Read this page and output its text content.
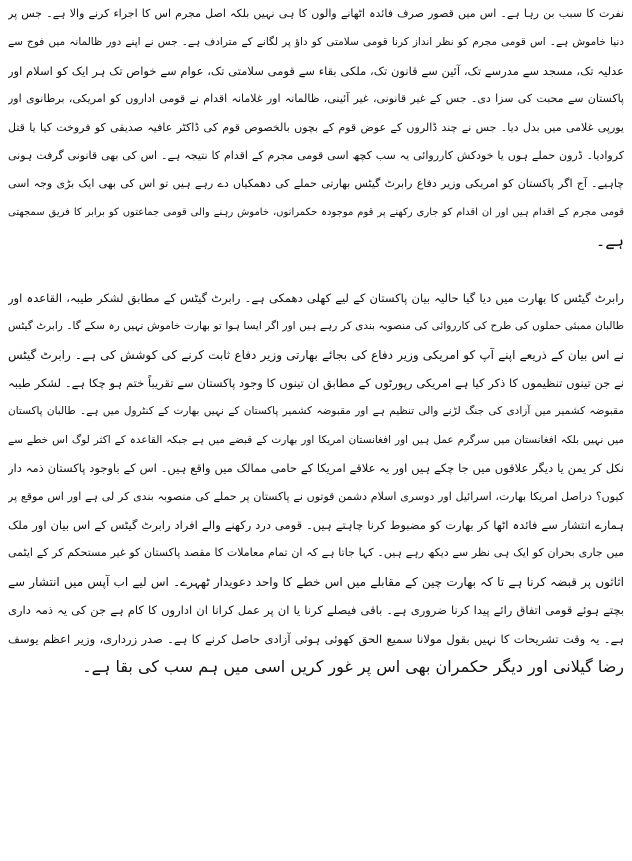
نفرت کا سبب بن رہا ہے۔ اس میں قصور صرف فائدہ اٹھانے والوں کا ہی نہیں بلکہ اصل مجرم اس کا اجراء کرنے والا ہے۔ جس پر
دنیا خاموش ہے۔ اس قومی مجرم کو نظر انداز کرنا قومی سلامتی کو داؤ پر لگانے کے مترادف ہے۔ جس نے اپنے دور ظالمانہ میں فوج سے
عدلیہ تک، مسجد سے مدرسے تک، آئین سے قانون تک، ملکی بقاء سے قومی سلامتی تک، عوام سے خواص تک ہر ایک کو اسلام اور
پاکستان سے محبت کی سزا دی۔ جس کے غیر قانونی، غیر آئینی، ظالمانہ اور غلامانہ اقدام نے قومی اداروں کو امریکی، برطانوی اور
یورپی غلامی میں بدل دیا۔ جس نے چند ڈالروں کے عوض قوم کے بچوں بالخصوص قوم کی ڈاکٹر عافیہ صدیقی کو فروخت کیا یا قتل
کروادیا۔ ڈرون حملے ہوں یا خودکش کارروائی یہ سب کچھ اسی قومی مجرم کے اقدام کا نتیجہ ہے۔ اس کی بھی قانونی گرفت ہونی
چاہیے۔ آج اگر پاکستان کو امریکی وزیر دفاع رابرٹ گیٹس بھارتی حملے کی دھمکیاں دے رہے ہیں تو اس کی بھی ایک بڑی وجہ اسی
قومی مجرم کے اقدام ہیں اور ان اقدام کو جاری رکھنے پر قوم موجودہ حکمرانوں، خاموش رہنے والی قومی جماعتوں کو برابر کا فریق سمجھتی
ہے۔
رابرٹ گیٹس کا بھارت میں دیا گیا حالیہ بیان پاکستان کے لیے کھلی دھمکی ہے۔ رابرٹ گیٹس کے مطابق لشکر طیبہ، القاعدہ اور
طالبان ممبئی حملوں کی طرح کی کارروائی کی منصوبہ بندی کر رہے ہیں اور اگر ایسا ہوا تو بھارت خاموش نہیں رہ سکے گا۔ رابرٹ گیٹس
نے اس بیان کے ذریعے اپنے آپ کو امریکی وزیر دفاع کی بجائے بھارتی وزیر دفاع ثابت کرنے کی کوشش کی ہے۔ رابرٹ گیٹس
نے جن تینوں تنظیموں کا ذکر کیا ہے امریکی رپورٹوں کے مطابق ان تینوں کا وجود پاکستان سے تقریباً ختم ہو چکا ہے۔ لشکر طیبہ
مقبوضہ کشمیر میں آزادی کی جنگ لڑنے والی تنظیم ہے اور مقبوضہ کشمیر پاکستان کے نہیں بھارت کے کنٹرول میں ہے۔ طالبان پاکستان
میں نہیں بلکہ افغانستان میں سرگرم عمل ہیں اور افغانستان امریکا اور بھارت کے قبضے میں ہے جبکہ القاعدہ کے اکثر لوگ اس خطے سے
نکل کر یمن یا دیگر علاقوں میں جا چکے ہیں اور یہ علاقے امریکا کے حامی ممالک میں واقع ہیں۔ اس کے باوجود پاکستان ذمہ دار
کیوں؟ دراصل امریکا بھارت، اسرائیل اور دوسری اسلام دشمن قوتوں نے پاکستان پر حملے کی منصوبہ بندی کر لی ہے اور اس موقع پر
ہمارے انتشار سے فائدہ اٹھا کر بھارت کو مضبوط کرنا چاہتے ہیں۔ قومی درد رکھنے والے افراد رابرٹ گیٹس کے اس بیان اور ملک
میں جاری بحران کو ایک ہی نظر سے دیکھ رہے ہیں۔ کہا جاتا ہے کہ ان تمام معاملات کا مقصد پاکستان کو غیر مستحکم کر کے ایٹمی
اثاثوں پر قبضہ کرنا ہے تا کہ بھارت چین کے مقابلے میں اس خطے کا واحد دعویدار ٹھہرے۔ اس لیے اب آپس میں انتشار سے
بچتے ہوئے قومی اتفاق رائے پیدا کرنا ضروری ہے۔ باقی فیصلے کرنا یا ان پر عمل کرانا ان اداروں کا کام ہے جن کی یہ ذمہ داری
ہے۔ یہ وقت تشریحات کا نہیں بقول مولانا سمیع الحق کھوئی ہوئی آزادی حاصل کرنے کا ہے۔ صدر زرداری، وزیر اعظم یوسف
رضا گیلانی اور دیگر حکمران بھی اس پر غور کریں اسی میں ہم سب کی بقا ہے۔
